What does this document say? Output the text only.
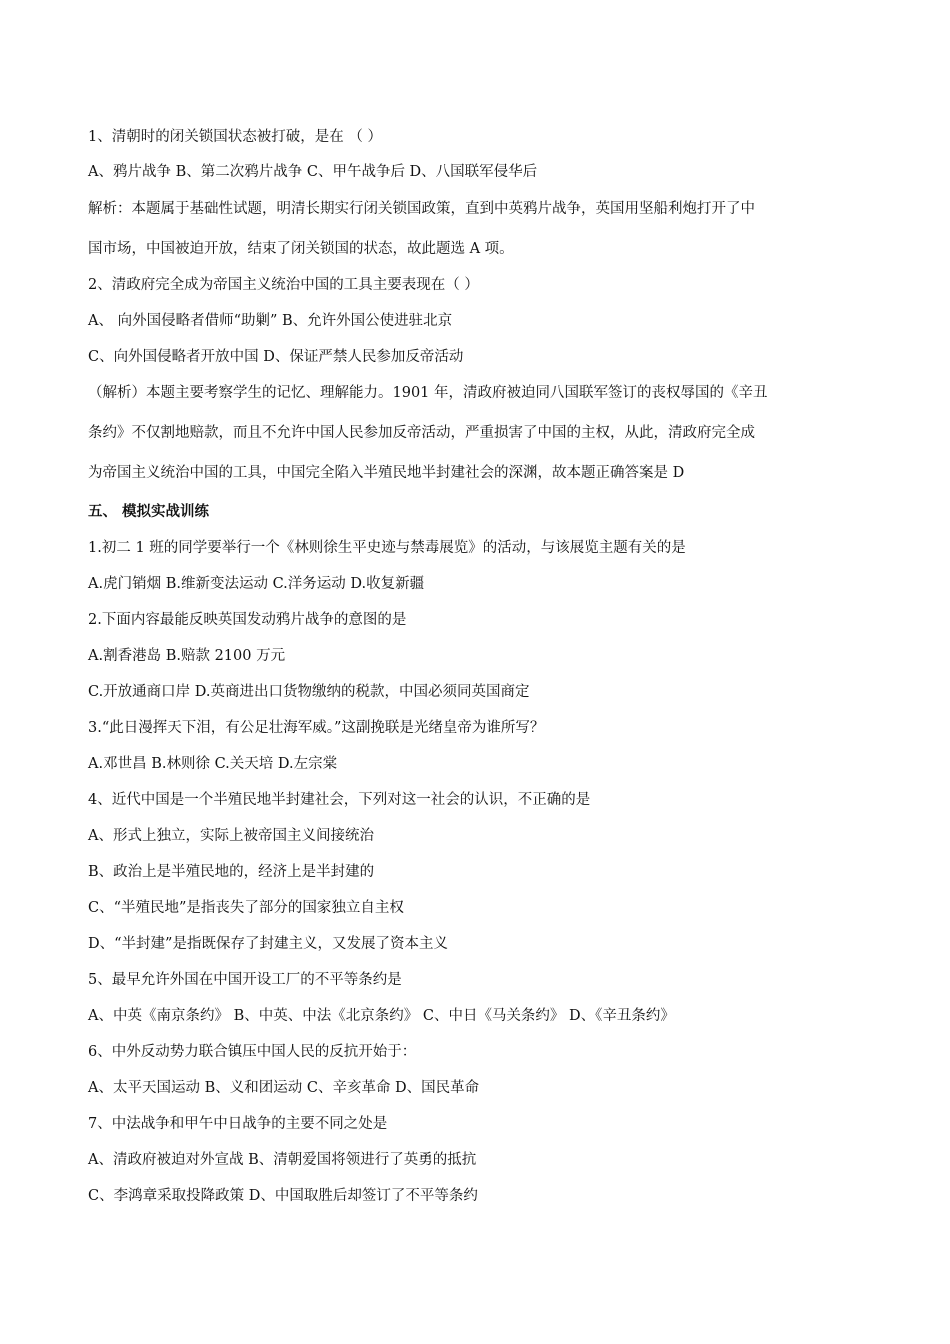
1、清朝时的闭关锁国状态被打破，是在 （ ）
A、鸦片战争 B、第二次鸦片战争 C、甲午战争后 D、八国联军侵华后
解析：本题属于基础性试题，明清长期实行闭关锁国政策，直到中英鸦片战争，英国用坚船利炮打开了中
国市场，中国被迫开放，结束了闭关锁国的状态，故此题选 A 项。
2、清政府完全成为帝国主义统治中国的工具主要表现在（ ）
A、 向外国侵略者借师“助剿” B、允许外国公使进驻北京
C、向外国侵略者开放中国 D、保证严禁人民参加反帝活动
（解析）本题主要考察学生的记忆、理解能力。1901 年，清政府被迫同八国联军签订的丧权辱国的《辛丑
条约》不仅割地赔款，而且不允许中国人民参加反帝活动，严重损害了中国的主权，从此，清政府完全成
为帝国主义统治中国的工具，中国完全陷入半殖民地半封建社会的深渊，故本题正确答案是 D
五、 模拟实战训练
1.初二 1 班的同学要举行一个《林则徐生平史迹与禁毒展览》的活动，与该展览主题有关的是
A.虎门销烟 B.维新变法运动 C.洋务运动 D.收复新疆
2.下面内容最能反映英国发动鸦片战争的意图的是
A.割香港岛 B.赔款 2100 万元
C.开放通商口岸 D.英商进出口货物缴纳的税款，中国必须同英国商定
3.“此日漫挥天下泪，有公足壮海军威。”这副挽联是光绪皇帝为谁所写？
A.邓世昌 B.林则徐 C.关天培 D.左宗棠
4、近代中国是一个半殖民地半封建社会，下列对这一社会的认识，不正确的是
A、形式上独立，实际上被帝国主义间接统治
B、政治上是半殖民地的，经济上是半封建的
C、“半殖民地”是指丧失了部分的国家独立自主权
D、“半封建”是指既保存了封建主义，又发展了资本主义
5、最早允许外国在中国开设工厂的不平等条约是
A、中英《南京条约》 B、中英、中法《北京条约》 C、中日《马关条约》 D、《辛丑条约》
6、中外反动势力联合镇压中国人民的反抗开始于：
A、太平天国运动 B、义和团运动 C、辛亥革命 D、国民革命
7、中法战争和甲午中日战争的主要不同之处是
A、清政府被迫对外宣战 B、清朝爱国将领进行了英勇的抵抗
C、李鸿章采取投降政策 D、中国取胜后却签订了不平等条约
